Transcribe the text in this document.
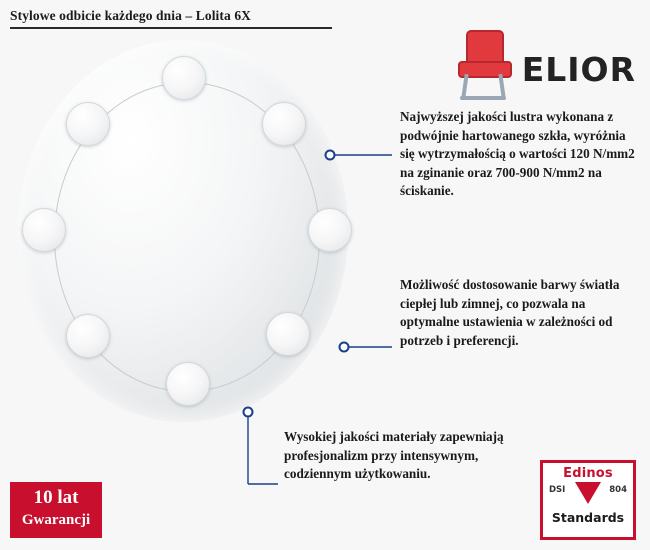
Stylowe odbicie każdego dnia – Lolita 6X
ELIOR
Najwyższej jakości lustra wykonana z podwójnie hartowanego szkła, wyróżnia się wytrzymałością o wartości 120 N/mm2 na zginanie oraz 700-900 N/mm2 na ściskanie.
Możliwość dostosowanie barwy światła ciepłej lub zimnej, co pozwala na optymalne ustawienia w zależności od potrzeb i preferencji.
Wysokiej jakości materiały zapewniają profesjonalizm przy intensywnym, codziennym użytkowaniu.
10 lat
Gwarancji
Edinos
DSI	804
Standards
